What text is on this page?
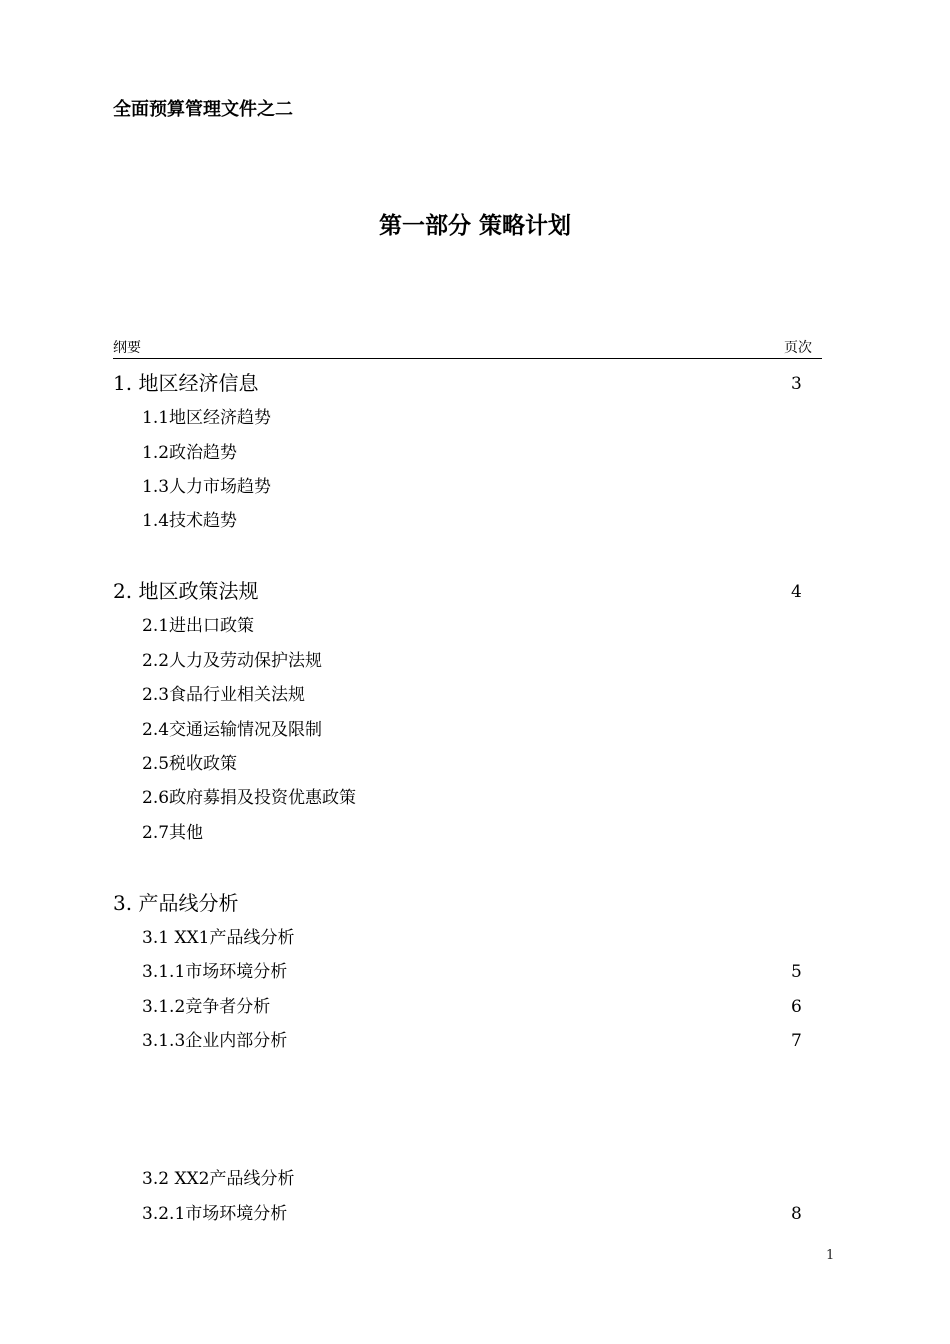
全面预算管理文件之二
第一部分 策略计划
纲要	页次
1. 地区经济信息	3
1.1地区经济趋势
1.2政治趋势
1.3人力市场趋势
1.4技术趋势
2. 地区政策法规	4
2.1进出口政策
2.2人力及劳动保护法规
2.3食品行业相关法规
2.4交通运输情况及限制
2.5税收政策
2.6政府募捐及投资优惠政策
2.7其他
3. 产品线分析
3.1 XX1产品线分析
3.1.1市场环境分析	5
3.1.2竞争者分析	6
3.1.3企业内部分析	7
3.2 XX2产品线分析
3.2.1市场环境分析	8
1
